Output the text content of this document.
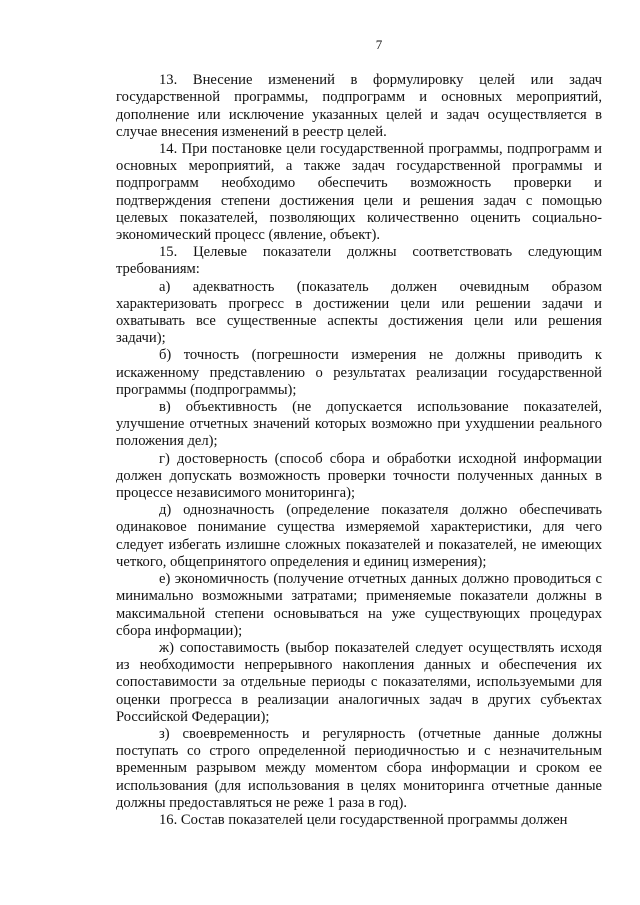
7

13. Внесение изменений в формулировку целей или задач государственной программы, подпрограмм и основных мероприятий, дополнение или исключение указанных целей и задач осуществляется в случае внесения изменений в реестр целей.

14. При постановке цели государственной программы, подпрограмм и основных мероприятий, а также задач государственной программы и подпрограмм необходимо обеспечить возможность проверки и подтверждения степени достижения цели и решения задач с помощью целевых показателей, позволяющих количественно оценить социально-экономический процесс (явление, объект).

15. Целевые показатели должны соответствовать следующим требованиям:

а) адекватность (показатель должен очевидным образом характеризовать прогресс в достижении цели или решении задачи и охватывать все существенные аспекты достижения цели или решения задачи);

б) точность (погрешности измерения не должны приводить к искаженному представлению о результатах реализации государственной программы (подпрограммы);

в) объективность (не допускается использование показателей, улучшение отчетных значений которых возможно при ухудшении реального положения дел);

г) достоверность (способ сбора и обработки исходной информации должен допускать возможность проверки точности полученных данных в процессе независимого мониторинга);

д) однозначность (определение показателя должно обеспечивать одинаковое понимание существа измеряемой характеристики, для чего следует избегать излишне сложных показателей и показателей, не имеющих четкого, общепринятого определения и единиц измерения);

е) экономичность (получение отчетных данных должно проводиться с минимально возможными затратами; применяемые показатели должны в максимальной степени основываться на уже существующих процедурах сбора информации);

ж) сопоставимость (выбор показателей следует осуществлять исходя из необходимости непрерывного накопления данных и обеспечения их сопоставимости за отдельные периоды с показателями, используемыми для оценки прогресса в реализации аналогичных задач в других субъектах Российской Федерации);

з) своевременность и регулярность (отчетные данные должны поступать со строго определенной периодичностью и с незначительным временным разрывом между моментом сбора информации и сроком ее использования (для использования в целях мониторинга отчетные данные должны предоставляться не реже 1 раза в год).

16. Состав показателей цели государственной программы должен
